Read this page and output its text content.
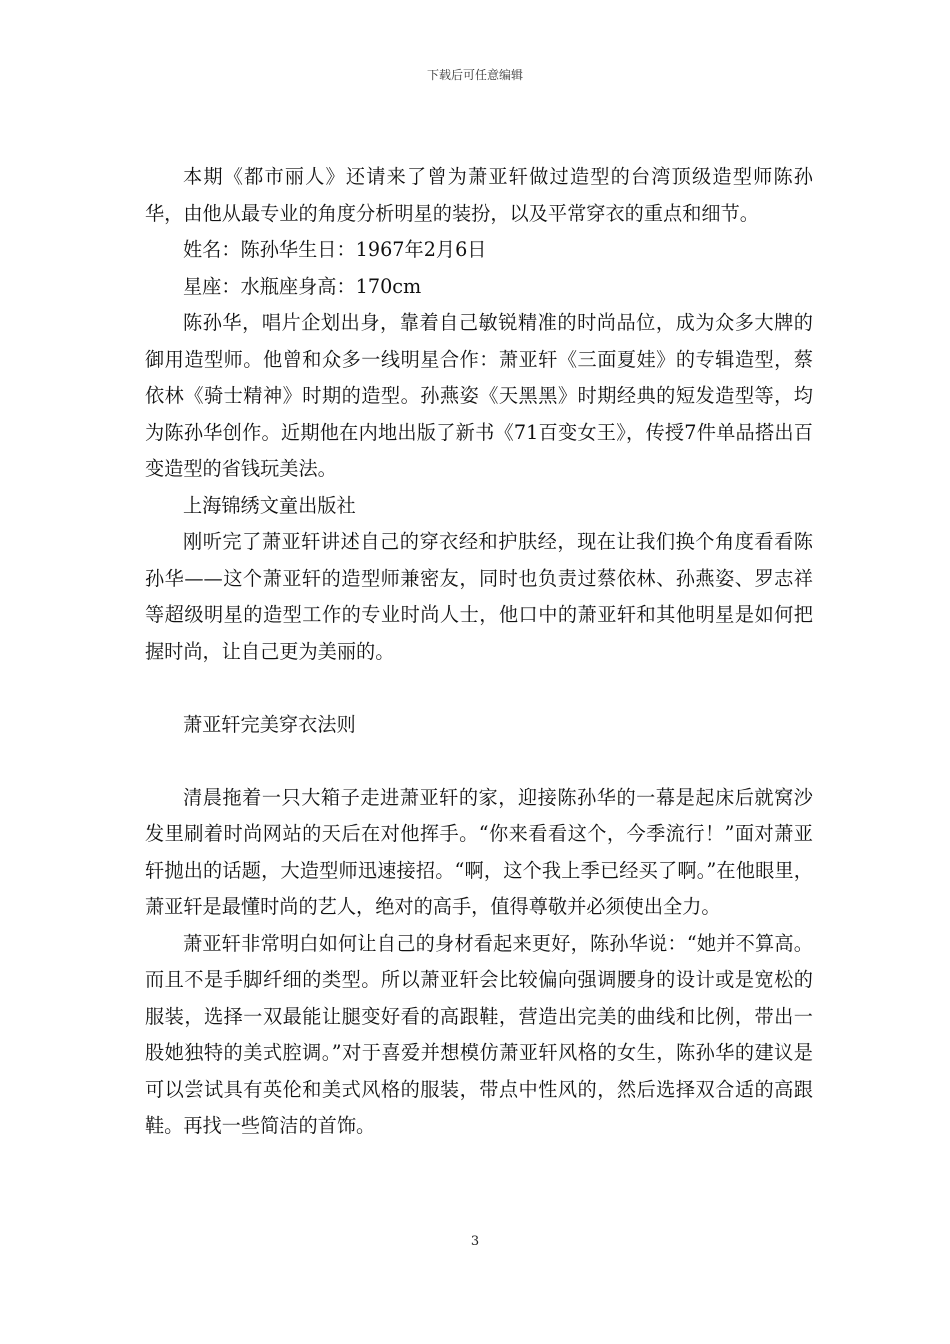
下载后可任意编辑

本期《都市丽人》还请来了曾为萧亚轩做过造型的台湾顶级造型师陈孙华，由他从最专业的角度分析明星的装扮，以及平常穿衣的重点和细节。

姓名：陈孙华生日：1967年2月6日

星座：水瓶座身高：170cm

陈孙华，唱片企划出身，靠着自己敏锐精准的时尚品位，成为众多大牌的御用造型师。他曾和众多一线明星合作：萧亚轩《三面夏娃》的专辑造型，蔡依林《骑士精神》时期的造型。孙燕姿《天黑黑》时期经典的短发造型等，均为陈孙华创作。近期他在内地出版了新书《71百变女王》，传授7件单品搭出百变造型的省钱玩美法。

上海锦绣文童出版社

刚听完了萧亚轩讲述自己的穿衣经和护肤经，现在让我们换个角度看看陈孙华——这个萧亚轩的造型师兼密友，同时也负责过蔡依林、孙燕姿、罗志祥等超级明星的造型工作的专业时尚人士，他口中的萧亚轩和其他明星是如何把握时尚，让自己更为美丽的。

萧亚轩完美穿衣法则

清晨拖着一只大箱子走进萧亚轩的家，迎接陈孙华的一幕是起床后就窝沙发里刷着时尚网站的天后在对他挥手。“你来看看这个，今季流行！”面对萧亚轩抛出的话题，大造型师迅速接招。“啊，这个我上季已经买了啊。”在他眼里，萧亚轩是最懂时尚的艺人，绝对的高手，值得尊敬并必须使出全力。

萧亚轩非常明白如何让自己的身材看起来更好，陈孙华说：“她并不算高。而且不是手脚纤细的类型。所以萧亚轩会比较偏向强调腰身的设计或是宽松的服装，选择一双最能让腿变好看的高跟鞋，营造出完美的曲线和比例，带出一股她独特的美式腔调。”对于喜爱并想模仿萧亚轩风格的女生，陈孙华的建议是可以尝试具有英伦和美式风格的服装，带点中性风的，然后选择双合适的高跟鞋。再找一些简洁的首饰。

3
